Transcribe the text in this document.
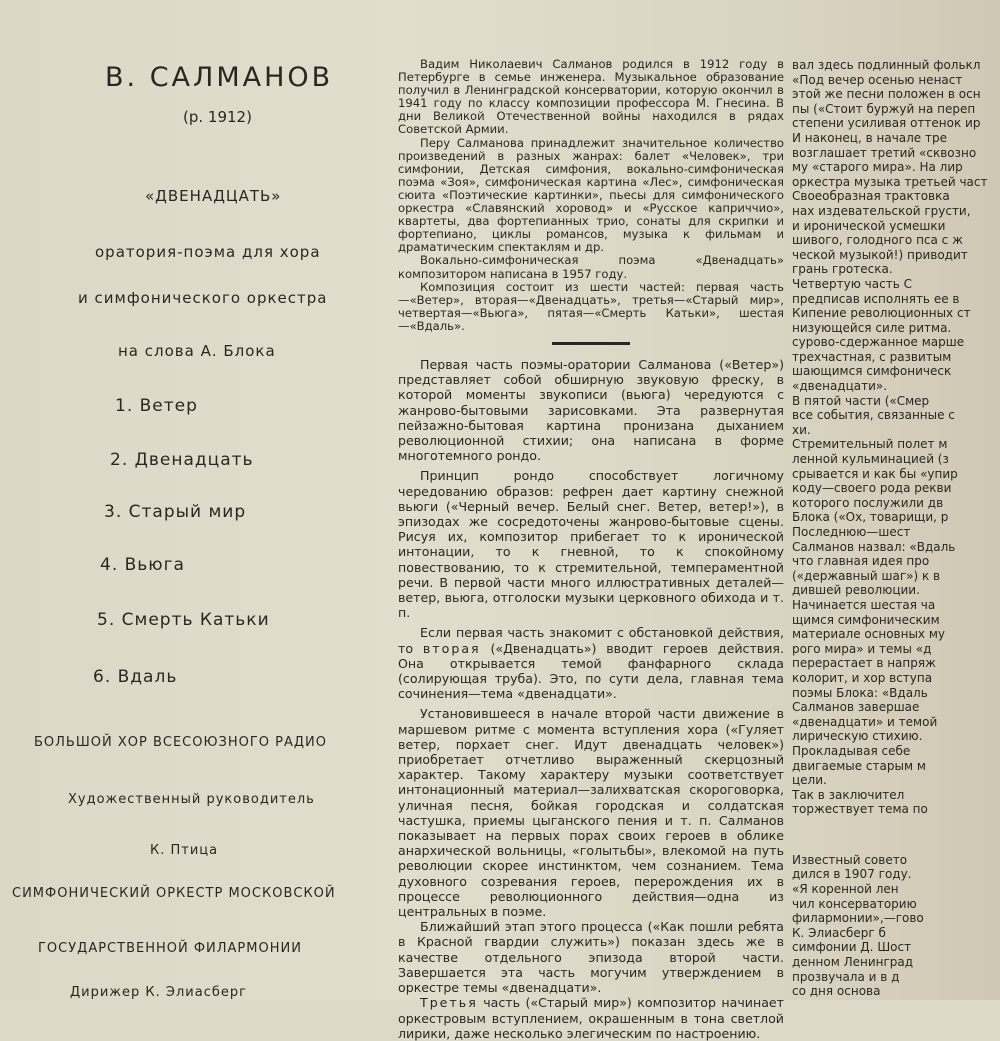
В. САЛМАНОВ
(р. 1912)
«ДВЕНАДЦАТЬ»
оратория-поэма для хора
и симфонического оркестра
на слова А. Блока
1. Ветер
2. Двенадцать
3. Старый мир
4. Вьюга
5. Смерть Катьки
6. Вдаль
БОЛЬШОЙ ХОР ВСЕСОЮЗНОГО РАДИО
Художественный руководитель
К. Птица
СИМФОНИЧЕСКИЙ ОРКЕСТР МОСКОВСКОЙ
ГОСУДАРСТВЕННОЙ ФИЛАРМОНИИ
Дирижер К. Элиасберг

Вадим Николаевич Салманов родился в 1912 году в Петербурге в семье инженера. Музыкальное образование получил в Ленинградской консерватории, которую окончил в 1941 году по классу композиции профессора М. Гнесина. В дни Великой Отечественной войны находился в рядах Советской Армии.

Перу Салманова принадлежит значительное количество произведений в разных жанрах: балет «Человек», три симфонии, Детская симфония, вокально-симфоническая поэма «Зоя», симфоническая картина «Лес», симфоническая сюита «Поэтические картинки», пьесы для симфонического оркестра «Славянский хоровод» и «Русское каприччио», квартеты, два фортепианных трио, сонаты для скрипки и фортепиано, циклы романсов, музыка к фильмам и драматическим спектаклям и др.

Вокально-симфоническая поэма «Двенадцать» композитором написана в 1957 году.

Композиция состоит из шести частей: первая часть—«Ветер», вторая—«Двенадцать», третья—«Старый мир», четвертая—«Вьюга», пятая—«Смерть Катьки», шестая—«Вдаль».

Первая часть поэмы-оратории Салманова («Ветер») представляет собой обширную звуковую фреску, в которой моменты звукописи (вьюга) чередуются с жанрово-бытовыми зарисовками. Эта развернутая пейзажно-бытовая картина пронизана дыханием революционной стихии; она написана в форме многотемного рондо.

Принцип рондо способствует логичному чередованию образов: рефрен дает картину снежной вьюги («Черный вечер. Белый снег. Ветер, ветер!»), в эпизодах же сосредоточены жанрово-бытовые сцены. Рисуя их, композитор прибегает то к иронической интонации, то к гневной, то к спокойному повествованию, то к стремительной, темпераментной речи. В первой части много иллюстративных деталей—ветер, вьюга, отголоски музыки церковного обихода и т. п.

Если первая часть знакомит с обстановкой действия, то вторая («Двенадцать») вводит героев действия. Она открывается темой фанфарного склада (солирующая труба). Это, по сути дела, главная тема сочинения—тема «двенадцати».

Установившееся в начале второй части движение в маршевом ритме с момента вступления хора («Гуляет ветер, порхает снег. Идут двенадцать человек») приобретает отчетливо выраженный скерцозный характер. Такому характеру музыки соответствует интонационный материал—залихватская скороговорка, уличная песня, бойкая городская и солдатская частушка, приемы цыганского пения и т. п. Салманов показывает на первых порах своих героев в облике анархической вольницы, «голытьбы», влекомой на путь революции скорее инстинктом, чем сознанием. Тема духовного созревания героев, перерождения их в процессе революционного действия—одна из центральных в поэме.

Ближайший этап этого процесса («Как пошли ребята в Красной гвардии служить») показан здесь же в качестве отдельного эпизода второй части. Завершается эта часть могучим утверждением в оркестре темы «двенадцати».

Третья часть («Старый мир») композитор начинает оркестровым вступлением, окрашенным в тона светлой лирики, даже несколько элегическим по настроению.

вал здесь подлинный фолькл
«Под вечер осенью ненаст
этой же песни положен в осн
пы («Стоит буржуй на переп
степени усиливая оттенок ир
И наконец, в начале тре
возглашает третий «сквозно
му «старого мира». На лир
оркестра музыка третьей част
Своеобразная трактовка
нах издевательской грусти,
и иронической усмешки
шивого, голодного пса с ж
ческой музыкой!) приводит
грань гротеска.
Четвертую часть С
предписав исполнять ее в
Кипение революционных ст
низующейся силе ритма.
сурово-сдержанное марше
трехчастная, с развитым
шающимся симфоническ
«двенадцати».
В пятой части («Смер
все события, связанные с
хи.
Стремительный полет м
ленной кульминацией (з
срывается и как бы «упир
коду—своего рода рекви
которого послужили дв
Блока («Ох, товарищи, р
Последнюю—шест
Салманов назвал: «Вдаль
что главная идея про
(«державный шаг») к в
дившей революции.
Начинается шестая ча
щимся симфоническим
материале основных му
рого мира» и темы «д
перерастает в напряж
колорит, и хор вступа
поэмы Блока: «Вдаль
Салманов завершае
«двенадцати» и темой
лирическую стихию.
Прокладывая себе
двигаемые старым м
цели.
Так в заключител
торжествует тема по
Известный совето
дился в 1907 году.
«Я коренной лен
чил консерваторию
филармонии»,—гово
К. Элиасберг б
симфонии Д. Шост
денном Ленинград
прозвучала и в д
со дня основа
